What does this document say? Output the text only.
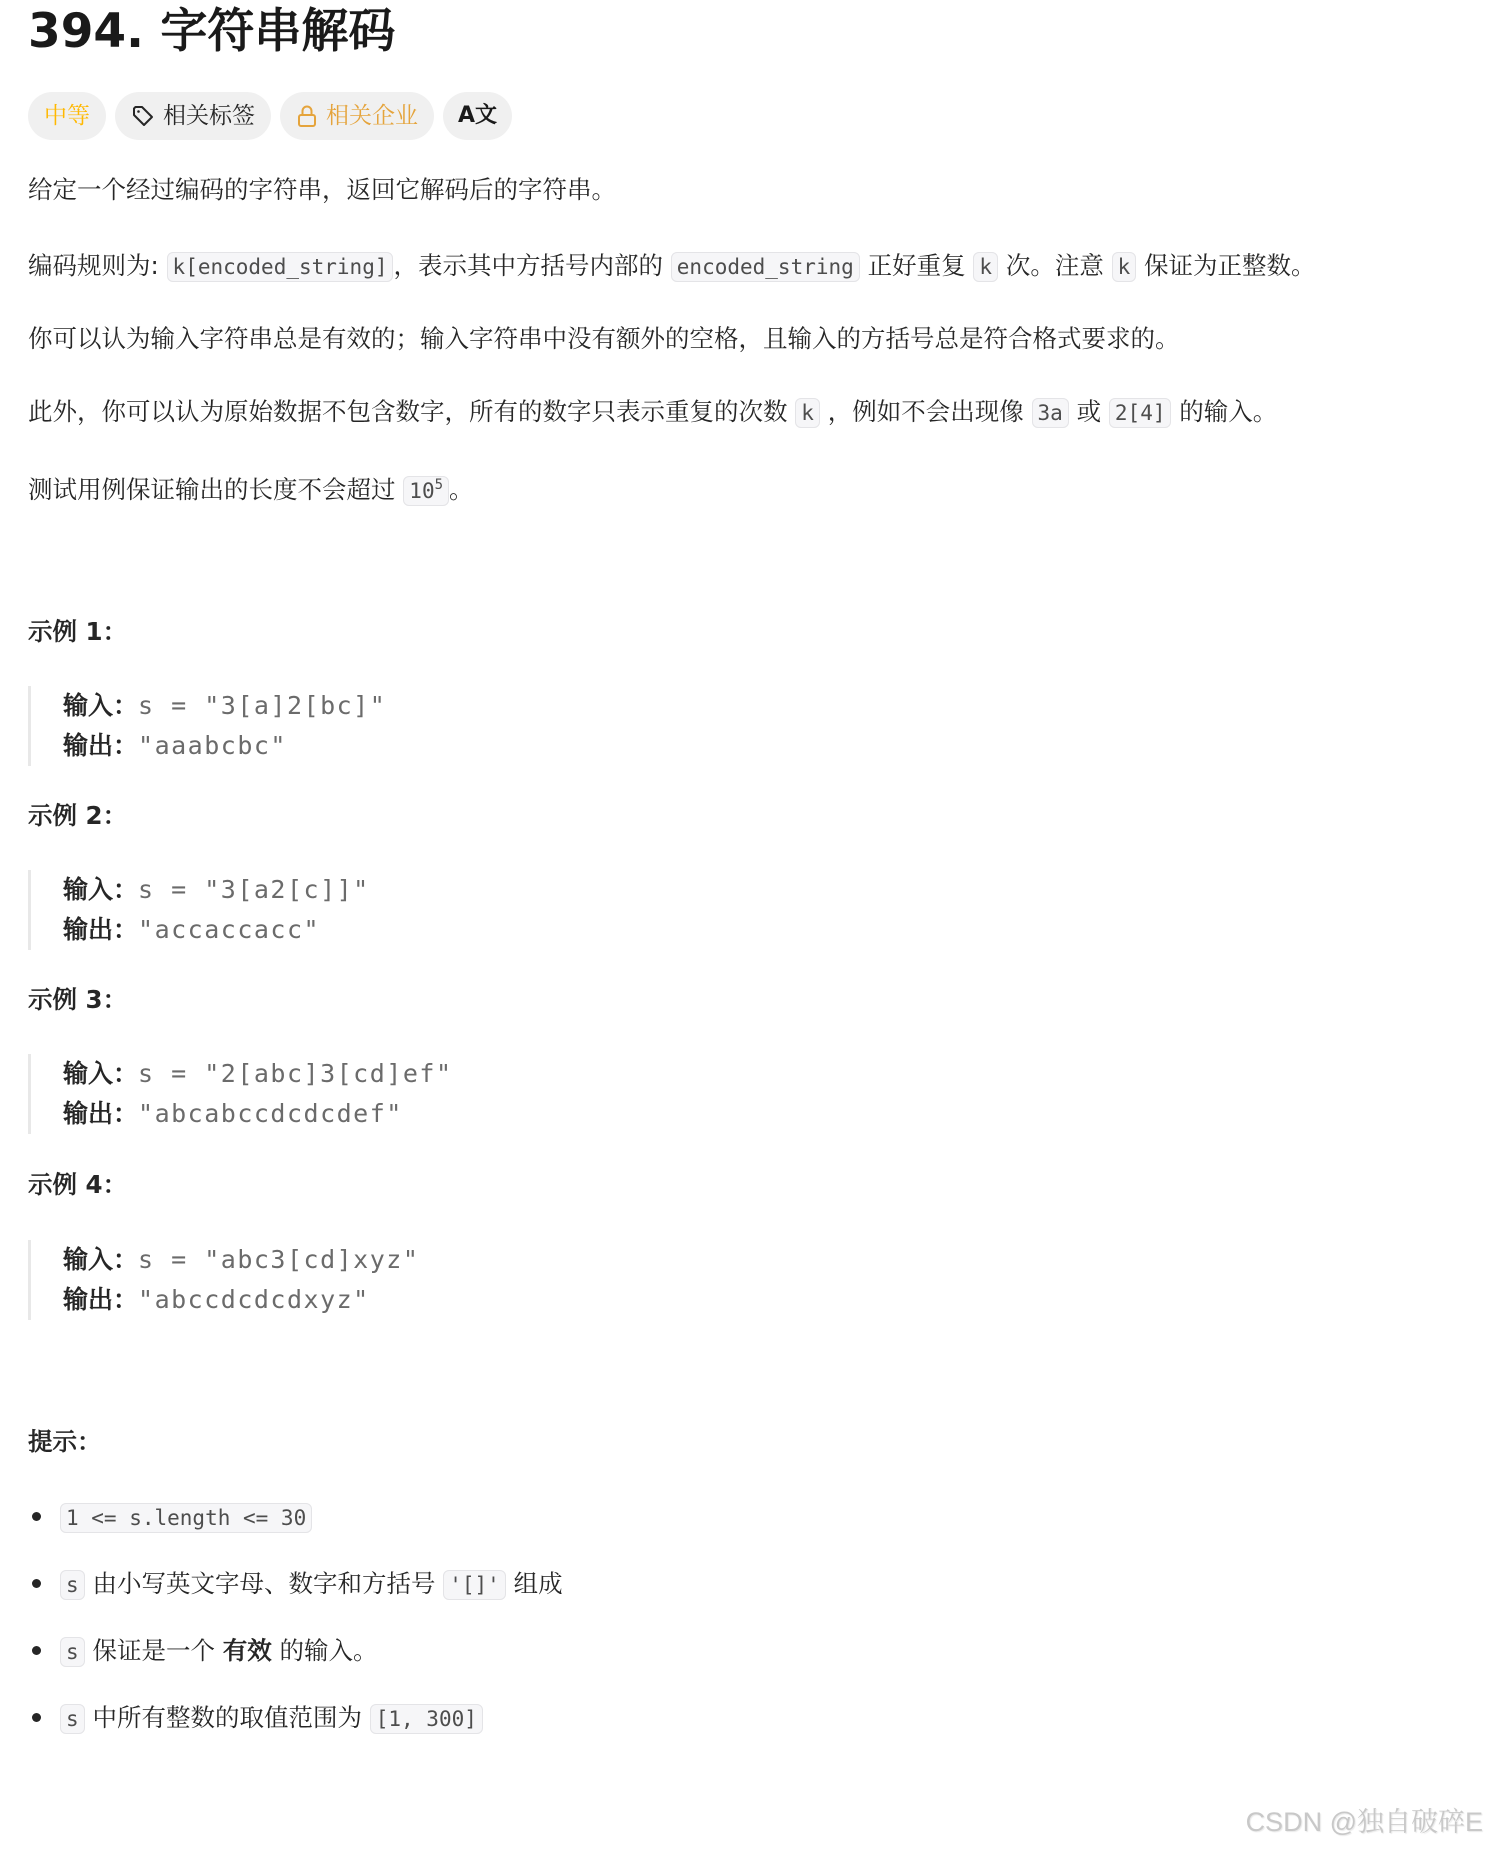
394. 字符串解码
中等	相关标签	相关企业 A文

给定一个经过编码的字符串，返回它解码后的字符串。

编码规则为: k[encoded_string] ，表示其中方括号内部的 encoded_string 正好重复 k 次。注意 k 保证为正整数。

你可以认为输入字符串总是有效的；输入字符串中没有额外的空格，且输入的方括号总是符合格式要求的。

此外，你可以认为原始数据不包含数字，所有的数字只表示重复的次数 k ，例如不会出现像 3a 或 2[4] 的输入。

测试用例保证输出的长度不会超过 $10^5$ 。

示例 1：
输入：s = "3[a]2[bc]"
输出："aaabcbc"
示例 2：
输入：s = "3[a2[c]]"
输出："accaccacc"
示例 3：
输入：s = "2[abc]3[cd]ef"
输出："abcabccdcdcdef"
示例 4：
输入：s = "abc3[cd]xyz"
输出："abccdcdcdxyz"
提示：
1 <= s.length <= 30
s 由小写英文字母、数字和方括号 '[]' 组成
s 保证是一个 有效 的输入。
s 中所有整数的取值范围为 [1, 300]
CSDN @独自破碎E
